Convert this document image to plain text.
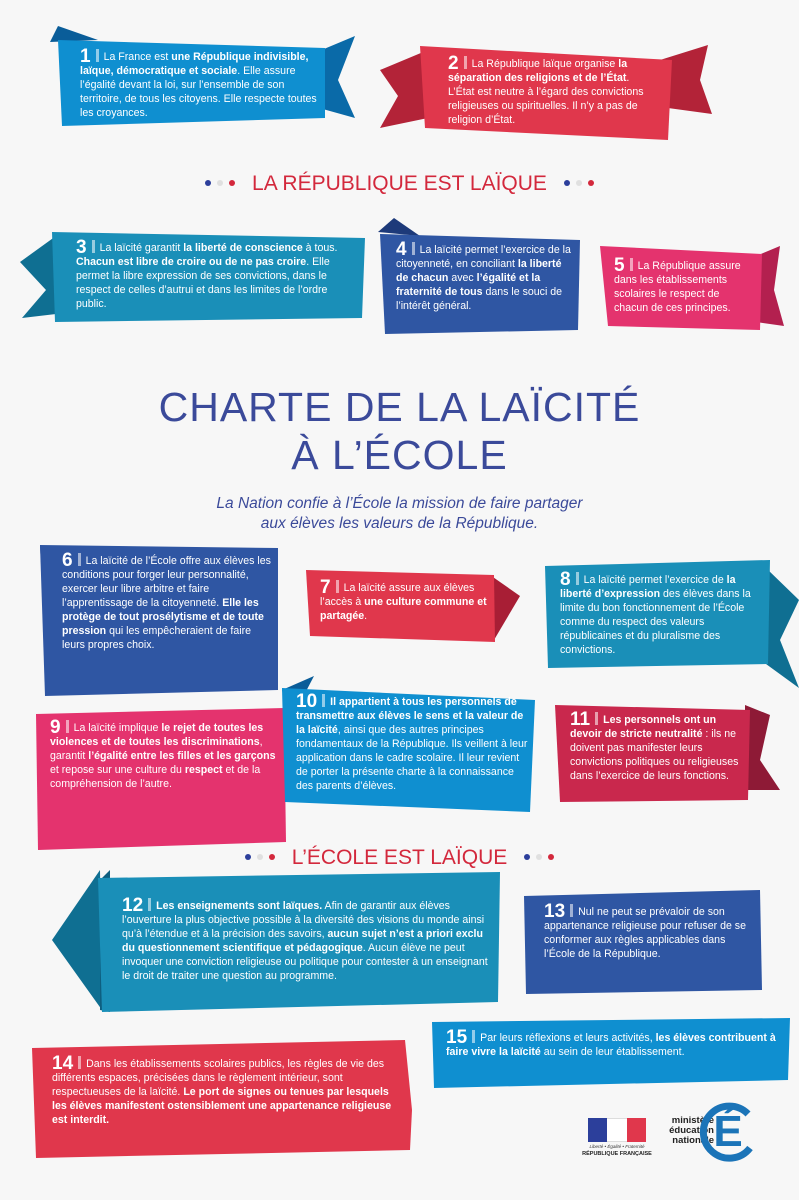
1 La France est une République indivisible, laïque, démocratique et sociale. Elle assure l’égalité devant la loi, sur l’ensemble de son territoire, de tous les citoyens. Elle respecte toutes les croyances.
2 La République laïque organise la séparation des religions et de l’État. L’État est neutre à l’égard des convictions religieuses ou spirituelles. Il n’y a pas de religion d’État.
LA RÉPUBLIQUE EST LAÏQUE
3 La laïcité garantit la liberté de conscience à tous. Chacun est libre de croire ou de ne pas croire. Elle permet la libre expression de ses convictions, dans le respect de celles d’autrui et dans les limites de l’ordre public.
4 La laïcité permet l’exercice de la citoyenneté, en conciliant la liberté de chacun avec l’égalité et la fraternité de tous dans le souci de l’intérêt général.
5 La République assure dans les établissements scolaires le respect de chacun de ces principes.
CHARTE DE LA LAÏCITÉ
À L’ÉCOLE
La Nation confie à l’École la mission de faire partager
aux élèves les valeurs de la République.
6 La laïcité de l’École offre aux élèves les conditions pour forger leur personnalité, exercer leur libre arbitre et faire l’apprentissage de la citoyenneté. Elle les protège de tout prosélytisme et de toute pression qui les empêcheraient de faire leurs propres choix.
7 La laïcité assure aux élèves l’accès à une culture commune et partagée.
8 La laïcité permet l’exercice de la liberté d’expression des élèves dans la limite du bon fonctionnement de l’École comme du respect des valeurs républicaines et du pluralisme des convictions.
9 La laïcité implique le rejet de toutes les violences et de toutes les discriminations, garantit l’égalité entre les filles et les garçons et repose sur une culture du respect et de la compréhension de l’autre.
10 Il appartient à tous les personnels de transmettre aux élèves le sens et la valeur de la laïcité, ainsi que des autres principes fondamentaux de la République. Ils veillent à leur application dans le cadre scolaire. Il leur revient de porter la présente charte à la connaissance des parents d’élèves.
11 Les personnels ont un devoir de stricte neutralité : ils ne doivent pas manifester leurs convictions politiques ou religieuses dans l’exercice de leurs fonctions.
L’ÉCOLE EST LAÏQUE
12 Les enseignements sont laïques. Afin de garantir aux élèves l’ouverture la plus objective possible à la diversité des visions du monde ainsi qu’à l’étendue et à la précision des savoirs, aucun sujet n’est a priori exclu du questionnement scientifique et pédagogique. Aucun élève ne peut invoquer une conviction religieuse ou politique pour contester à un enseignant le droit de traiter une question au programme.
13 Nul ne peut se prévaloir de son appartenance religieuse pour refuser de se conformer aux règles applicables dans l’École de la République.
15 Par leurs réflexions et leurs activités, les élèves contribuent à faire vivre la laïcité au sein de leur établissement.
14 Dans les établissements scolaires publics, les règles de vie des différents espaces, précisées dans le règlement intérieur, sont respectueuses de la laïcité. Le port de signes ou tenues par lesquels les élèves manifestent ostensiblement une appartenance religieuse est interdit.
Liberté • Égalité • Fraternité
RÉPUBLIQUE FRANÇAISE
ministère
éducation
nationale É
